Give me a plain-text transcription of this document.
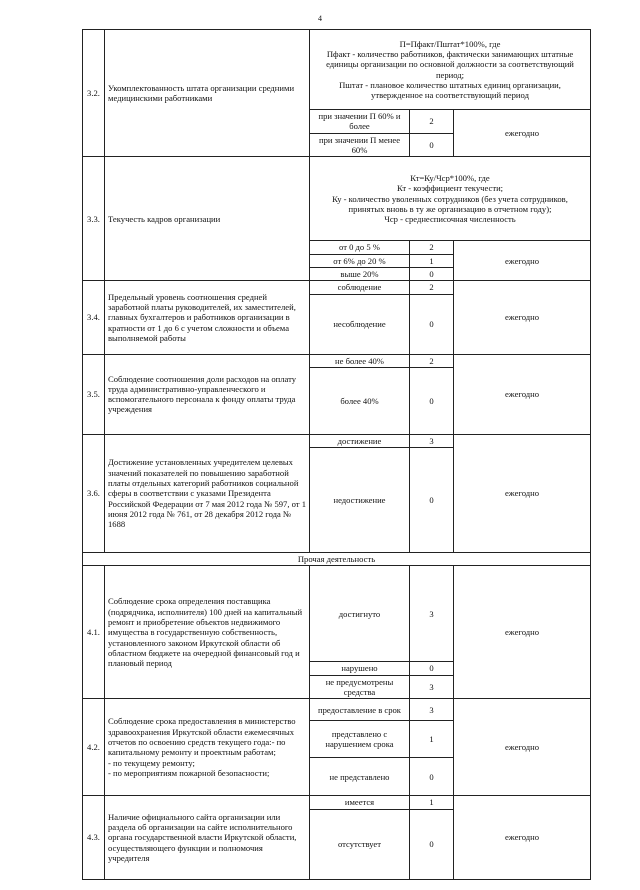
4
3.2.	Укомплектованность штата организации средними медицинскими работниками	П=Пфакт/Пштат*100%, где
Пфакт - количество работников, фактически занимающих штатные единицы организации по основной должности за соответствующий период;
Пштат - плановое количество штатных единиц организации, утвержденное на соответствующий период		

		при значении П 60% и более	2	ежегодно
		при значении П менее 60%	0	
3.3.	Текучесть кадров организации	Кт=Ку/Чср*100%, где
Кт - коэффициент текучести;
Ку - количество уволенных сотрудников (без учета сотрудников, принятых вновь в ту же организацию в отчетном году);
Чср - среднесписочная численность		

		от 0 до 5 %	2	ежегодно
		от 6% до 20 %	1	
		выше 20%	0	
3.4.	Предельный уровень соотношения средней заработной платы руководителей, их заместителей, главных бухгалтеров и работников организации в кратности от 1 до 6 с учетом сложности и объема выполняемой работы	соблюдение	2	ежегодно
		несоблюдение	0	
3.5.	Соблюдение соотношения доли расходов на оплату труда административно-управленческого и вспомогательного персонала к фонду оплаты труда учреждения	не более 40%	2	ежегодно
		более 40%	0	
3.6.	Достижение установленных учредителем целевых значений показателей по повышению заработной платы отдельных категорий работников социальной сферы в соответствии с указами Президента Российской Федерации от 7 мая 2012 года № 597, от 1 июня 2012 года № 761, от 28 декабря 2012 года № 1688	достижение	3	ежегодно
		недостижение	0	
Прочая деятельность				
4.1.	Соблюдение срока определения поставщика (подрядчика, исполнителя) 100 дней на капитальный ремонт и приобретение объектов недвижимого имущества в государственную собственность, установленного законом Иркутской области об областном бюджете на очередной финансовый год и плановый период	достигнуто	3	ежегодно
		нарушено	0	
		не предусмотрены средства	3	
4.2.	Соблюдение срока предоставления в министерство здравоохранения Иркутской области ежемесячных отчетов по освоению средств текущего года:- по капитальному ремонту и проектным работам;
- по текущему ремонту;
- по мероприятиям пожарной безопасности;	предоставление в срок	3	ежегодно
		представлено с нарушением срока	1	
		не представлено	0	
4.3.	Наличие официального сайта организации или раздела об организации на сайте исполнительного органа государственной власти Иркутской области, осуществляющего функции и полномочия учредителя	имеется	1	ежегодно
		отсутствует	0	
